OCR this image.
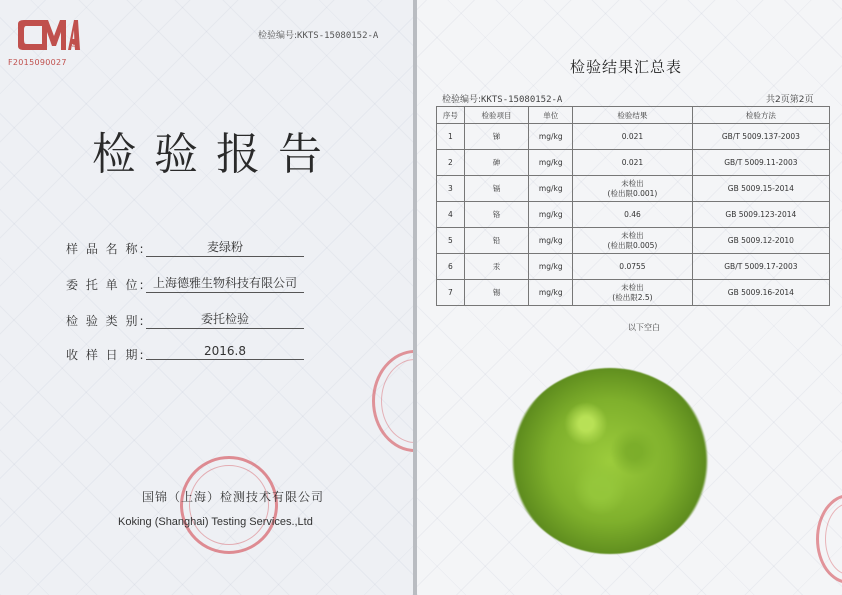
®
F2015090027
检验编号:KKTS-15080152-A
检验报告
样 品 名 称:	麦绿粉
委 托 单 位: 上海德雅生物科技有限公司
检 验 类 别:	委托检验
收 样 日 期:	2016.8
国锦（上海）检测技术有限公司
Koking (Shanghai) Testing Services.,Ltd
检验结果汇总表
检验编号:KKTS-15080152-A	共2页第2页
序号	检验项目	单位	检验结果	检验方法
1	锑	mg/kg	0.021	GB/T 5009.137-2003
2	砷	mg/kg	0.021	GB/T 5009.11-2003
3	镉	mg/kg	未检出
(检出限0.001)	GB 5009.15-2014
4	铬	mg/kg	0.46	GB 5009.123-2014
5	铅	mg/kg	未检出
(检出限0.005)	GB 5009.12-2010
6	汞	mg/kg	0.0755	GB/T 5009.17-2003
7	锡	mg/kg	未检出
(检出限2.5)	GB 5009.16-2014
以下空白
